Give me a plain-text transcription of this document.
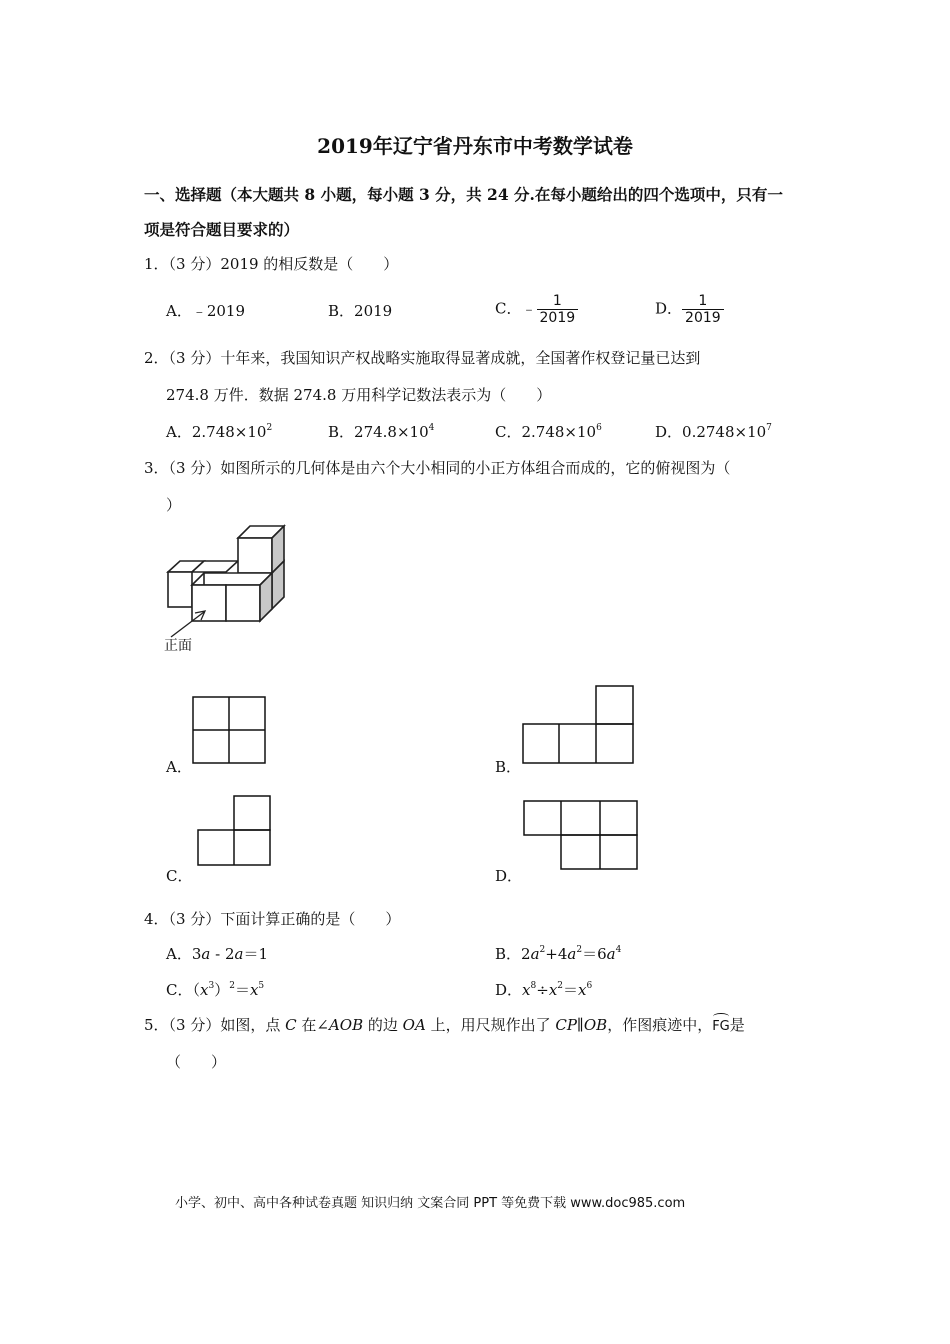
2019年辽宁省丹东市中考数学试卷
一、选择题（本大题共 8 小题，每小题 3 分，共 24 分.在每小题给出的四个选项中，只有一
项是符合题目要求的）
1．（3 分）2019 的相反数是（　　）
A．﹣2019	B．2019	C．﹣ $\frac{1}{2019}$	D． $\frac{1}{2019}$
2．（3 分）十年来，我国知识产权战略实施取得显著成就，全国著作权登记量已达到
274.8 万件．数据 274.8 万用科学记数法表示为（　　）
A．$2.748\times 10^2$	B．$274.8\times 10^4$	C．$2.748\times 10^6$	D．$0.2748\times 10^7$
3．（3 分）如图所示的几何体是由六个大小相同的小正方体组合而成的，它的俯视图为（
）
正面
A．	B．
C．	D．
4．（3 分）下面计算正确的是（　　）
A．3a - 2a＝1	B．$2a^2+4a^2=6a^4$
C．$(x^3)^2=x^5$	D．$x^8\div x^2=x^6$
5．（3 分）如图，点 C 在∠AOB 的边 OA 上，用尺规作出了 CP∥OB，作图痕迹中，FG是
（　　）
小学、初中、高中各种试卷真题 知识归纳 文案合同 PPT 等免费下载 www.doc985.com
